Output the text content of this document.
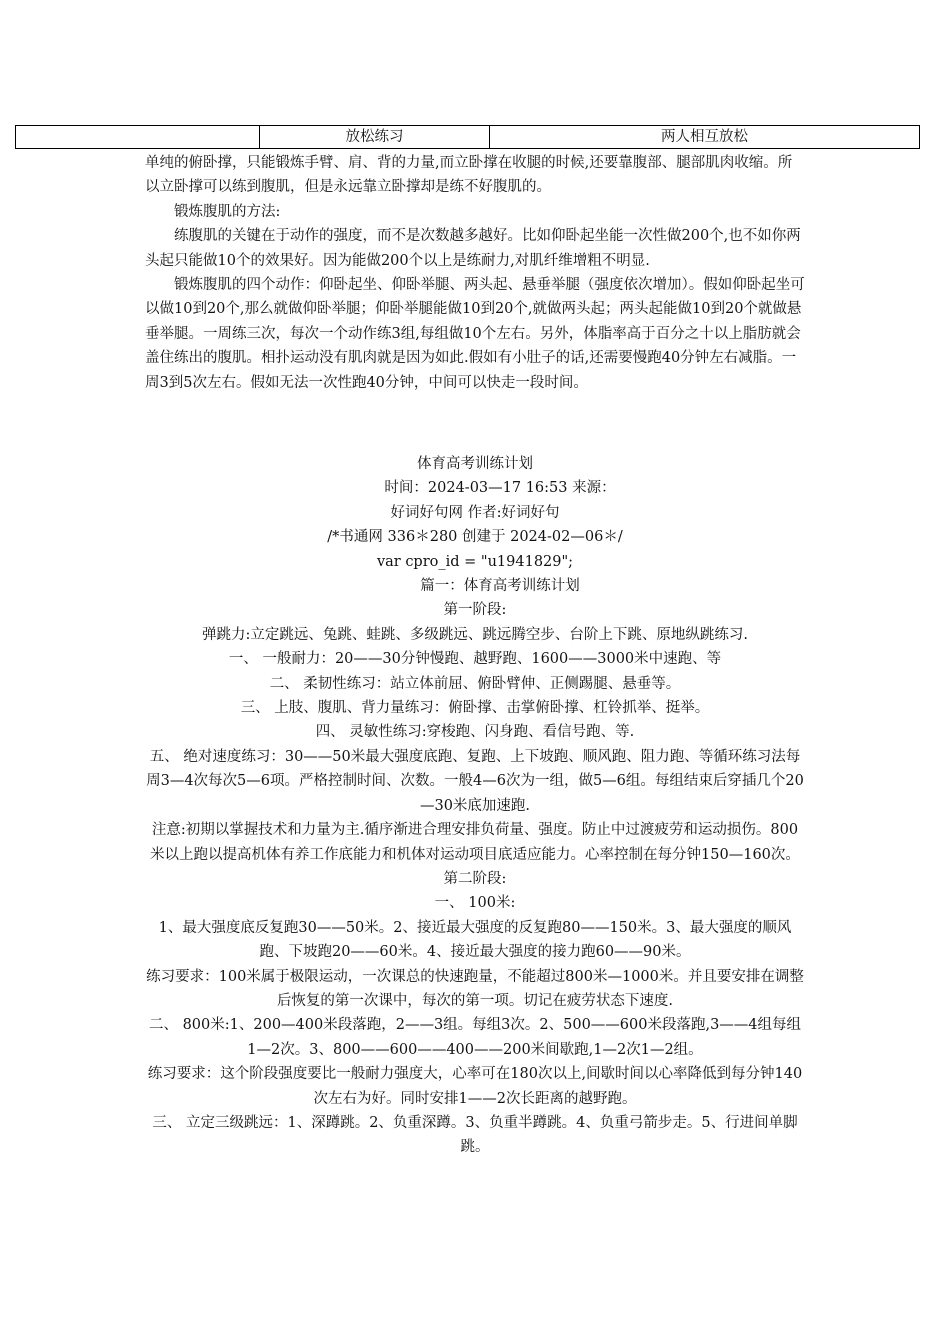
	放松练习	两人相互放松

单纯的俯卧撑，只能锻炼手臂、肩、背的力量,而立卧撑在收腿的时候,还要靠腹部、腿部肌肉收缩。所以立卧撑可以练到腹肌，但是永远靠立卧撑却是练不好腹肌的。

锻炼腹肌的方法:

练腹肌的关键在于动作的强度，而不是次数越多越好。比如仰卧起坐能一次性做200个,也不如你两头起只能做10个的效果好。因为能做200个以上是练耐力,对肌纤维增粗不明显.

锻炼腹肌的四个动作：仰卧起坐、仰卧举腿、两头起、悬垂举腿（强度依次增加）。假如仰卧起坐可以做10到20个,那么就做仰卧举腿；仰卧举腿能做10到20个,就做两头起；两头起能做10到20个就做悬垂举腿。一周练三次，每次一个动作练3组,每组做10个左右。另外，体脂率高于百分之十以上脂肪就会盖住练出的腹肌。相扑运动没有肌肉就是因为如此.假如有小肚子的话,还需要慢跑40分钟左右减脂。一周3到5次左右。假如无法一次性跑40分钟，中间可以快走一段时间。

体育高考训练计划

时间：2024-03—17 16:53 来源：

好词好句网 作者:好词好句

/*书通网 336＊280 创建于 2024-02—06＊/

var cpro_id = "u1941829";

篇一：体育高考训练计划

第一阶段:

弹跳力:立定跳远、兔跳、蛙跳、多级跳远、跳远腾空步、台阶上下跳、原地纵跳练习.

一、 一般耐力：20——30分钟慢跑、越野跑、1600——3000米中速跑、等

二、 柔韧性练习：站立体前屈、俯卧臂伸、正侧踢腿、悬垂等。

三、 上肢、腹肌、背力量练习：俯卧撑、击掌俯卧撑、杠铃抓举、挺举。

四、 灵敏性练习:穿梭跑、闪身跑、看信号跑、等.

五、 绝对速度练习：30——50米最大强度底跑、复跑、上下坡跑、顺风跑、阻力跑、等循环练习法每周3—4次每次5—6项。严格控制时间、次数。一般4—6次为一组，做5—6组。每组结束后穿插几个20—30米底加速跑.

注意:初期以掌握技术和力量为主.循序渐进合理安排负荷量、强度。防止中过渡疲劳和运动损伤。800米以上跑以提高机体有养工作底能力和机体对运动项目底适应能力。心率控制在每分钟150—160次。

第二阶段:

一、 100米:

1、最大强度底反复跑30——50米。2、接近最大强度的反复跑80——150米。3、最大强度的顺风跑、下坡跑20——60米。4、接近最大强度的接力跑60——90米。

练习要求：100米属于极限运动，一次课总的快速跑量，不能超过800米—1000米。并且要安排在调整后恢复的第一次课中，每次的第一项。切记在疲劳状态下速度.

二、 800米:1、200—400米段落跑，2——3组。每组3次。2、500——600米段落跑,3——4组每组1—2次。3、800——600——400——200米间歇跑,1—2次1—2组。

练习要求：这个阶段强度要比一般耐力强度大，心率可在180次以上,间歇时间以心率降低到每分钟140次左右为好。同时安排1——2次长距离的越野跑。

三、 立定三级跳远：1、深蹲跳。2、负重深蹲。3、负重半蹲跳。4、负重弓箭步走。5、行进间单脚跳。
